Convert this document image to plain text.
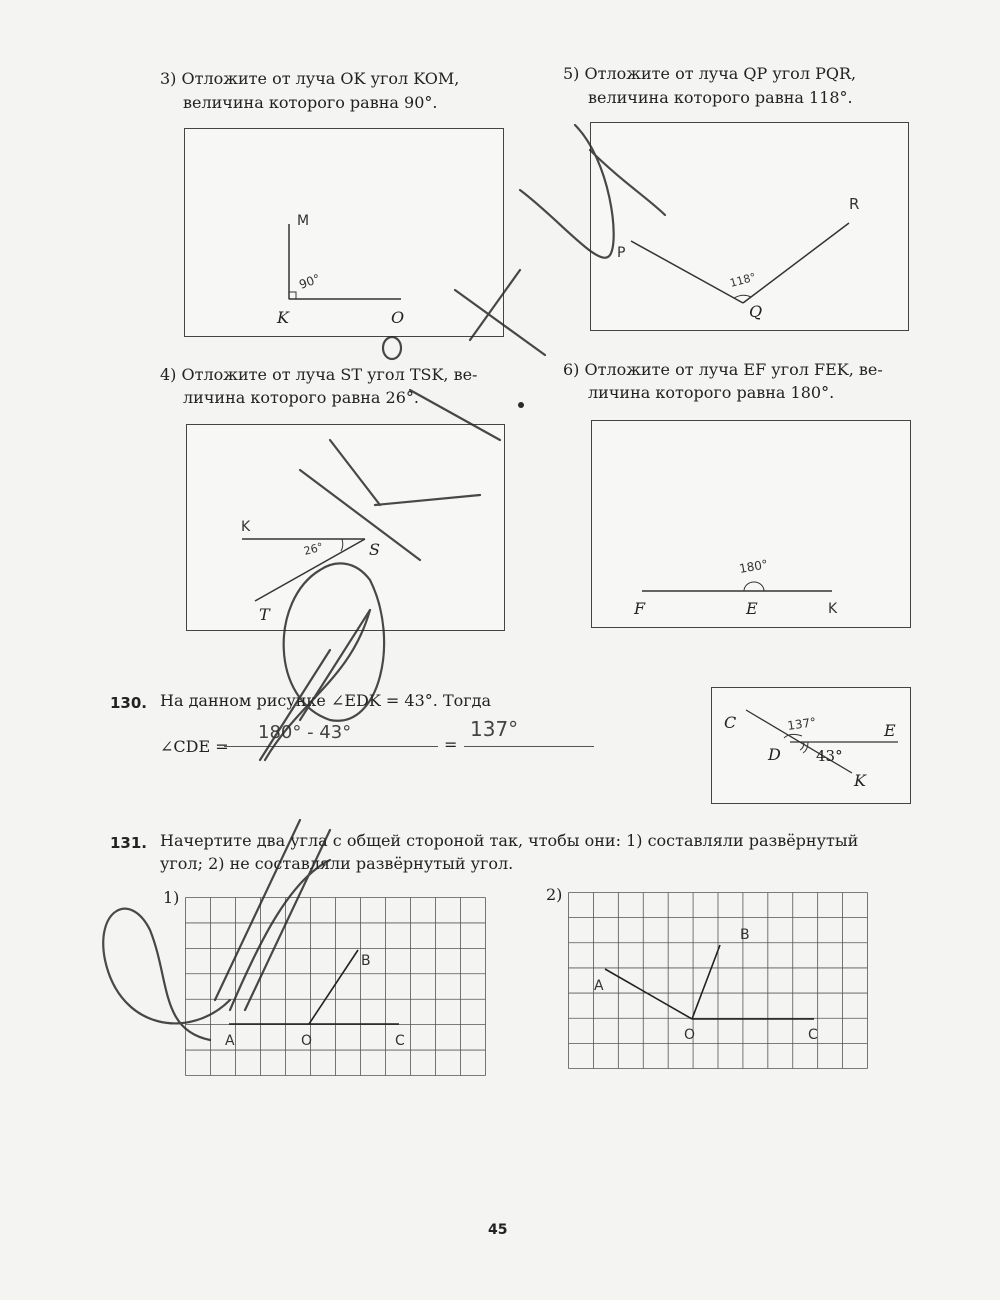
3) Отложите от луча OK угол KOM,
величина которого равна 90°.
5) Отложите от луча QP угол PQR,
величина которого равна 118°.
M
90°
K	O
P
R
Q
118°
4) Отложите от луча ST угол TSK, ве-
личина которого равна 26°.
6) Отложите от луча EF угол FEK, ве-
личина которого равна 180°.
K
S
T
26°
180°
F	E	K
130. На данном рисунке ∠EDK = 43°. Тогда
∠CDE =
180° - 43°
=
137°	C
D
E
K
43°
137°
131. Начертите два угла с общей стороной так, чтобы они: 1) составляли развёрнутый
угол; 2) не составляли развёрнутый угол.
1)	2)
A	O
B
C
A
O
B
C
45
